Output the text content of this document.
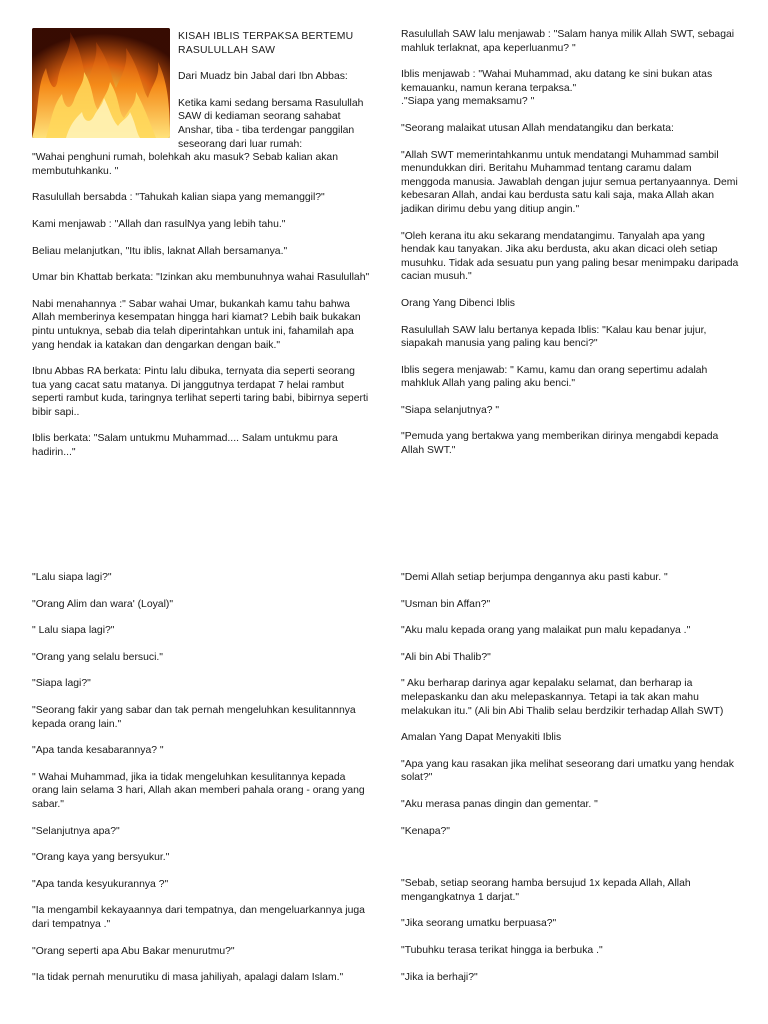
KISAH IBLIS TERPAKSA BERTEMU
RASULULLAH SAW

Dari Muadz bin Jabal dari Ibn Abbas:

Ketika kami sedang bersama Rasulullah SAW di kediaman seorang sahabat Anshar, tiba - tiba terdengar panggilan seseorang dari luar rumah:
"Wahai penghuni rumah, bolehkah aku masuk? Sebab kalian akan membutuhkanku. "

Rasulullah bersabda : "Tahukah kalian siapa yang memanggil?"

Kami menjawab : "Allah dan rasulNya yang lebih tahu."

Beliau melanjutkan, "Itu iblis, laknat Allah bersamanya."

Umar bin Khattab berkata: "Izinkan aku membunuhnya wahai Rasulullah"

Nabi menahannya :" Sabar wahai Umar, bukankah kamu tahu bahwa Allah memberinya kesempatan hingga hari kiamat? Lebih baik bukakan pintu untuknya, sebab dia telah diperintahkan untuk ini, fahamilah apa yang hendak ia katakan dan dengarkan dengan baik."

Ibnu Abbas RA berkata: Pintu lalu dibuka, ternyata dia seperti seorang tua yang cacat satu matanya. Di janggutnya terdapat 7 helai rambut seperti rambut kuda, taringnya terlihat seperti taring babi, bibirnya seperti bibir sapi..

Iblis berkata: "Salam untukmu Muhammad.... Salam untukmu para hadirin..."

Rasulullah SAW lalu menjawab : "Salam hanya milik Allah SWT, sebagai mahluk terlaknat, apa keperluanmu? "

Iblis menjawab : "Wahai Muhammad, aku datang ke sini bukan atas kemauanku, namun kerana terpaksa."
."Siapa yang memaksamu? "

"Seorang malaikat utusan Allah mendatangiku dan berkata:

"Allah SWT memerintahkanmu untuk mendatangi Muhammad sambil menundukkan diri. Beritahu Muhammad tentang caramu dalam menggoda manusia. Jawablah dengan jujur semua pertanyaannya. Demi kebesaran Allah, andai kau berdusta satu kali saja, maka Allah akan jadikan dirimu debu yang ditiup angin."

"Oleh kerana itu aku sekarang mendatangimu. Tanyalah apa yang hendak kau tanyakan. Jika aku berdusta, aku akan dicaci oleh setiap musuhku. Tidak ada sesuatu pun yang paling besar menimpaku daripada cacian musuh."

Orang Yang Dibenci Iblis

Rasulullah SAW lalu bertanya kepada Iblis: "Kalau kau benar jujur, siapakah manusia yang paling kau benci?"

Iblis segera menjawab: " Kamu, kamu dan orang sepertimu adalah mahkluk Allah yang paling aku benci."

"Siapa selanjutnya? "

"Pemuda yang bertakwa yang memberikan dirinya mengabdi kepada Allah SWT."

"Lalu siapa lagi?"

"Orang Alim dan wara' (Loyal)"

" Lalu siapa lagi?"

"Orang yang selalu bersuci."

"Siapa lagi?"

"Seorang fakir yang sabar dan tak pernah mengeluhkan kesulitannnya kepada orang lain."

"Apa tanda kesabarannya? "

" Wahai Muhammad, jika ia tidak mengeluhkan kesulitannya kepada orang lain selama 3 hari, Allah akan memberi pahala orang - orang yang sabar."

"Selanjutnya apa?"

"Orang kaya yang bersyukur."

"Apa tanda kesyukurannya ?"

"Ia mengambil kekayaannya dari tempatnya, dan mengeluarkannya juga dari tempatnya ."

"Orang seperti apa Abu Bakar menurutmu?"

"Ia tidak pernah menurutiku di masa jahiliyah, apalagi dalam Islam."

"Demi Allah setiap berjumpa dengannya aku pasti kabur. "

"Usman bin Affan?"

"Aku malu kepada orang yang malaikat pun malu kepadanya ."

"Ali bin Abi Thalib?"

" Aku berharap darinya agar kepalaku selamat, dan berharap ia melepaskanku dan aku melepaskannya. Tetapi ia tak akan mahu melakukan itu." (Ali bin Abi Thalib selau berdzikir terhadap Allah SWT)

Amalan Yang Dapat Menyakiti Iblis

"Apa yang kau rasakan jika melihat seseorang dari umatku yang hendak solat?"

"Aku merasa panas dingin dan gementar. "

"Kenapa?"

"Sebab, setiap seorang hamba bersujud 1x kepada Allah, Allah mengangkatnya 1 darjat."

"Jika seorang umatku berpuasa?"

"Tubuhku terasa terikat hingga ia berbuka ."

"Jika ia berhaji?"
